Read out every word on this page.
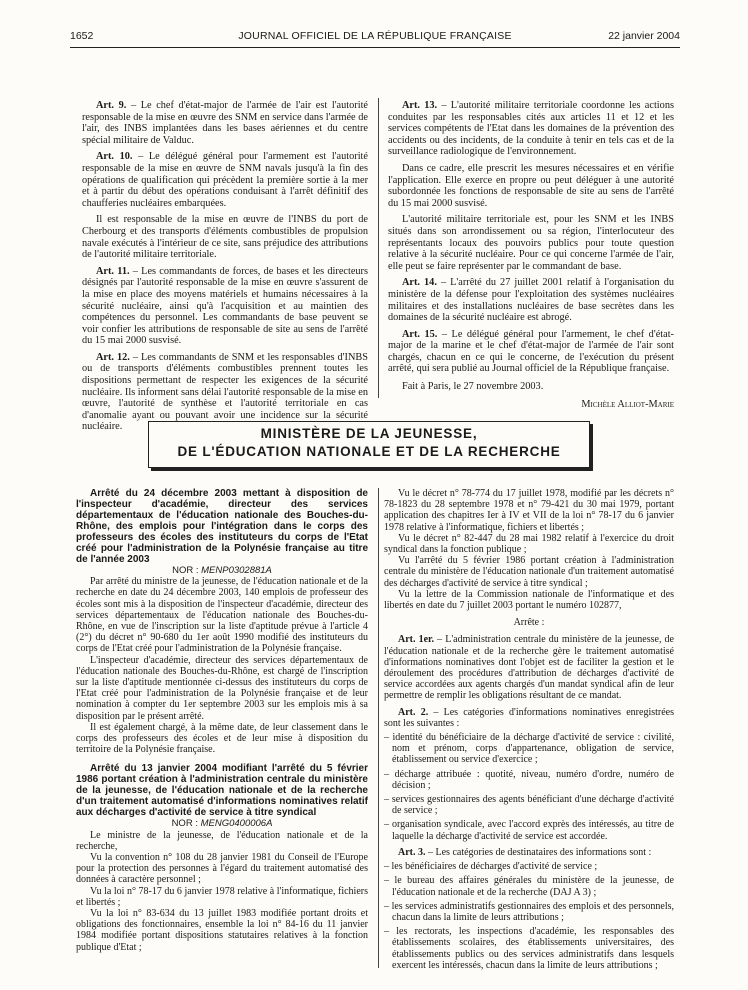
1652	JOURNAL OFFICIEL DE LA RÉPUBLIQUE FRANÇAISE	22 janvier 2004

Art. 9. – Le chef d'état-major de l'armée de l'air est l'autorité responsable de la mise en œuvre des SNM en service dans l'armée de l'air, des INBS implantées dans les bases aériennes et du centre spécial militaire de Valduc.

Art. 10. – Le délégué général pour l'armement est l'autorité responsable de la mise en œuvre de SNM navals jusqu'à la fin des opérations de qualification qui précèdent la première sortie à la mer et à partir du début des opérations conduisant à l'arrêt définitif des chaufferies nucléaires embarquées.

Il est responsable de la mise en œuvre de l'INBS du port de Cherbourg et des transports d'éléments combustibles de propulsion navale exécutés à l'intérieur de ce site, sans préjudice des attributions de l'autorité militaire territoriale.

Art. 11. – Les commandants de forces, de bases et les directeurs désignés par l'autorité responsable de la mise en œuvre s'assurent de la mise en place des moyens matériels et humains nécessaires à la sécurité nucléaire, ainsi qu'à l'acquisition et au maintien des compétences du personnel. Les commandants de base peuvent se voir confier les attributions de responsable de site au sens de l'arrêté du 15 mai 2000 susvisé.

Art. 12. – Les commandants de SNM et les responsables d'INBS ou de transports d'éléments combustibles prennent toutes les dispositions permettant de respecter les exigences de la sécurité nucléaire. Ils informent sans délai l'autorité responsable de la mise en œuvre, l'autorité de synthèse et l'autorité territoriale en cas d'anomalie ayant ou pouvant avoir une incidence sur la sécurité nucléaire.

Art. 13. – L'autorité militaire territoriale coordonne les actions conduites par les responsables cités aux articles 11 et 12 et les services compétents de l'Etat dans les domaines de la prévention des accidents ou des incidents, de la conduite à tenir en tels cas et de la surveillance radiologique de l'environnement.

Dans ce cadre, elle prescrit les mesures nécessaires et en vérifie l'application. Elle exerce en propre ou peut déléguer à une autorité subordonnée les fonctions de responsable de site au sens de l'arrêté du 15 mai 2000 susvisé.

L'autorité militaire territoriale est, pour les SNM et les INBS situés dans son arrondissement ou sa région, l'interlocuteur des représentants locaux des pouvoirs publics pour toute question relative à la sécurité nucléaire. Pour ce qui concerne l'armée de l'air, elle peut se faire représenter par le commandant de base.

Art. 14. – L'arrêté du 27 juillet 2001 relatif à l'organisation du ministère de la défense pour l'exploitation des systèmes nucléaires militaires et des installations nucléaires de base secrètes dans les domaines de la sécurité nucléaire est abrogé.

Art. 15. – Le délégué général pour l'armement, le chef d'état-major de la marine et le chef d'état-major de l'armée de l'air sont chargés, chacun en ce qui le concerne, de l'exécution du présent arrêté, qui sera publié au Journal officiel de la République française.

Fait à Paris, le 27 novembre 2003.

Michèle Alliot-Marie

MINISTÈRE DE LA JEUNESSE,
DE L'ÉDUCATION NATIONALE ET DE LA RECHERCHE

Arrêté du 24 décembre 2003 mettant à disposition de l'inspecteur d'académie, directeur des services départementaux de l'éducation nationale des Bouches-du-Rhône, des emplois pour l'intégration dans le corps des professeurs des écoles des instituteurs du corps de l'Etat créé pour l'administration de la Polynésie française au titre de l'année 2003

NOR : MENP0302881A

Par arrêté du ministre de la jeunesse, de l'éducation nationale et de la recherche en date du 24 décembre 2003, 140 emplois de professeur des écoles sont mis à la disposition de l'inspecteur d'académie, directeur des services départementaux de l'éducation nationale des Bouches-du-Rhône, en vue de l'inscription sur la liste d'aptitude prévue à l'article 4 (2°) du décret n° 90-680 du 1er août 1990 modifié des instituteurs du corps de l'Etat créé pour l'administration de la Polynésie française.

L'inspecteur d'académie, directeur des services départementaux de l'éducation nationale des Bouches-du-Rhône, est chargé de l'inscription sur la liste d'aptitude mentionnée ci-dessus des instituteurs du corps de l'Etat créé pour l'administration de la Polynésie française et de leur nomination à compter du 1er septembre 2003 sur les emplois mis à sa disposition par le présent arrêté.

Il est également chargé, à la même date, de leur classement dans le corps des professeurs des écoles et de leur mise à disposition du territoire de la Polynésie française.

Arrêté du 13 janvier 2004 modifiant l'arrêté du 5 février 1986 portant création à l'administration centrale du ministère de la jeunesse, de l'éducation nationale et de la recherche d'un traitement automatisé d'informations nominatives relatif aux décharges d'activité de service à titre syndical

NOR : MENG0400006A

Le ministre de la jeunesse, de l'éducation nationale et de la recherche,

Vu la convention n° 108 du 28 janvier 1981 du Conseil de l'Europe pour la protection des personnes à l'égard du traitement automatisé des données à caractère personnel ;

Vu la loi n° 78-17 du 6 janvier 1978 relative à l'informatique, fichiers et libertés ;

Vu la loi n° 83-634 du 13 juillet 1983 modifiée portant droits et obligations des fonctionnaires, ensemble la loi n° 84-16 du 11 janvier 1984 modifiée portant dispositions statutaires relatives à la fonction publique d'Etat ;

Vu le décret n° 78-774 du 17 juillet 1978, modifié par les décrets n° 78-1823 du 28 septembre 1978 et n° 79-421 du 30 mai 1979, portant application des chapitres Ier à IV et VII de la loi n° 78-17 du 6 janvier 1978 relative à l'informatique, fichiers et libertés ;

Vu le décret n° 82-447 du 28 mai 1982 relatif à l'exercice du droit syndical dans la fonction publique ;

Vu l'arrêté du 5 février 1986 portant création à l'administration centrale du ministère de l'éducation nationale d'un traitement automatisé des décharges d'activité de service à titre syndical ;

Vu la lettre de la Commission nationale de l'informatique et des libertés en date du 7 juillet 2003 portant le numéro 102877,

Arrête :

Art. 1er. – L'administration centrale du ministère de la jeunesse, de l'éducation nationale et de la recherche gère le traitement automatisé d'informations nominatives dont l'objet est de faciliter la gestion et le déroulement des procédures d'attribution de décharges d'activité de service accordées aux agents chargés d'un mandat syndical afin de leur permettre de remplir les obligations résultant de ce mandat.

Art. 2. – Les catégories d'informations nominatives enregistrées sont les suivantes :

– identité du bénéficiaire de la décharge d'activité de service : civilité, nom et prénom, corps d'appartenance, obligation de service, établissement ou service d'exercice ;

– décharge attribuée : quotité, niveau, numéro d'ordre, numéro de décision ;

– services gestionnaires des agents bénéficiant d'une décharge d'activité de service ;

– organisation syndicale, avec l'accord exprès des intéressés, au titre de laquelle la décharge d'activité de service est accordée.

Art. 3. – Les catégories de destinataires des informations sont :

– les bénéficiaires de décharges d'activité de service ;

– le bureau des affaires générales du ministère de la jeunesse, de l'éducation nationale et de la recherche (DAJ A 3) ;

– les services administratifs gestionnaires des emplois et des personnels, chacun dans la limite de leurs attributions ;

– les rectorats, les inspections d'académie, les responsables des établissements scolaires, des établissements universitaires, des établissements publics ou des services administratifs dans lesquels exercent les intéressés, chacun dans la limite de leurs attributions ;
